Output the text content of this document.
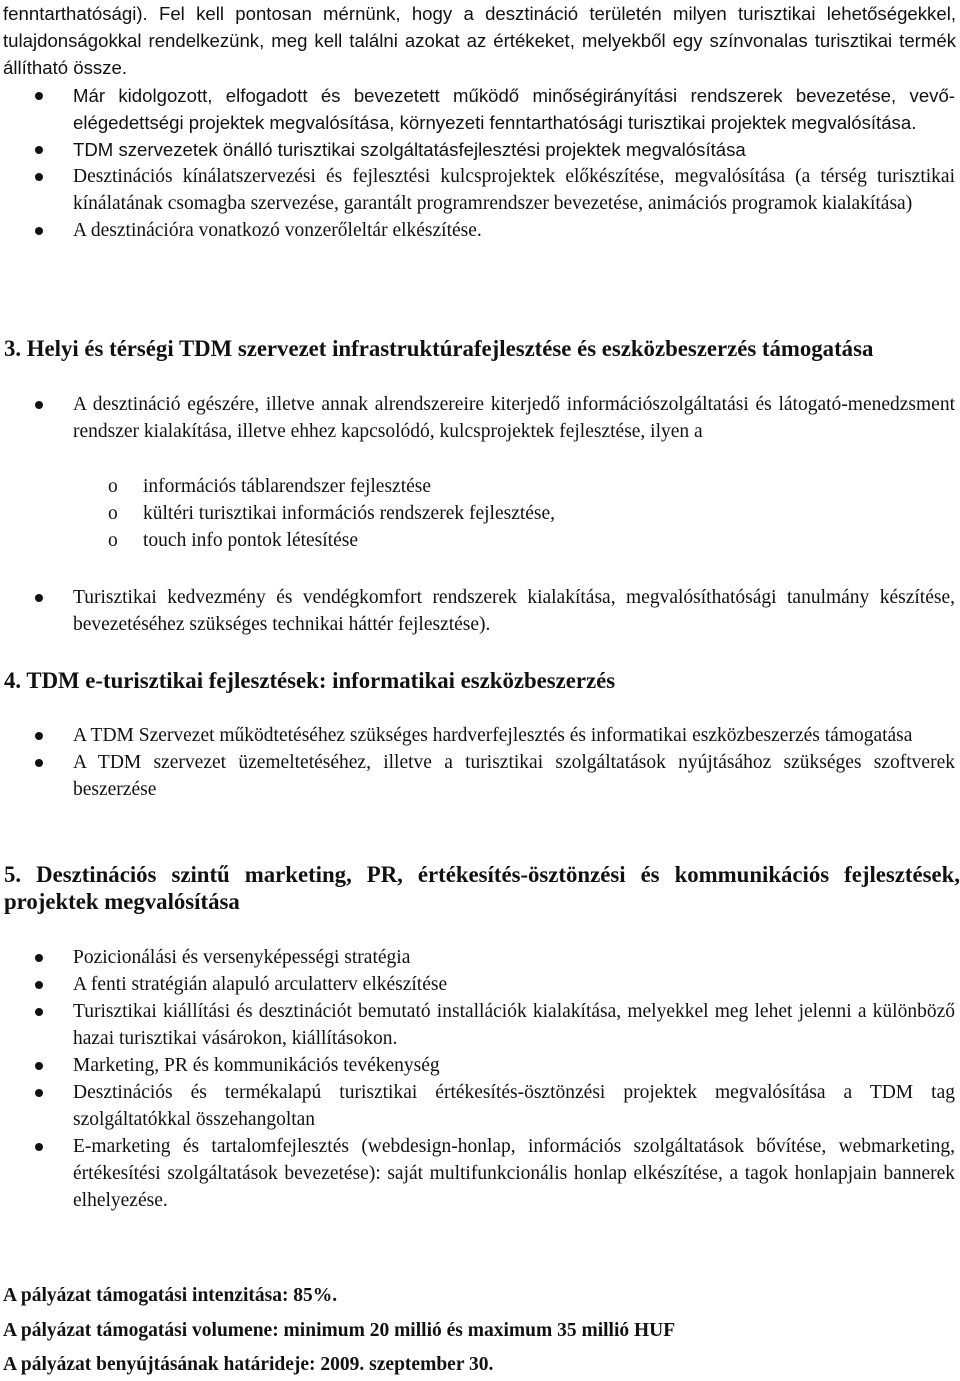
fenntarthatósági). Fel kell pontosan mérnünk, hogy a desztináció területén milyen turisztikai lehetőségekkel, tulajdonságokkal rendelkezünk, meg kell találni azokat az értékeket, melyekből egy színvonalas turisztikai termék állítható össze.

Már kidolgozott, elfogadott és bevezetett működő minőségirányítási rendszerek bevezetése, vevő-elégedettségi projektek megvalósítása, környezeti fenntarthatósági turisztikai projektek megvalósítása.
TDM szervezetek önálló turisztikai szolgáltatásfejlesztési projektek megvalósítása
Desztinációs kínálatszervezési és fejlesztési kulcsprojektek előkészítése, megvalósítása (a térség turisztikai kínálatának csomagba szervezése, garantált programrendszer bevezetése, animációs programok kialakítása)
A desztinációra vonatkozó vonzerőleltár elkészítése.
3. Helyi és térségi TDM szervezet infrastruktúrafejlesztése és eszközbeszerzés támogatása
A desztináció egészére, illetve annak alrendszereire kiterjedő információszolgáltatási és látogató-menedzsment rendszer kialakítása, illetve ehhez kapcsolódó, kulcsprojektek fejlesztése, ilyen a
o információs táblarendszer fejlesztése
o kültéri turisztikai információs rendszerek fejlesztése,
o touch info pontok létesítése
Turisztikai kedvezmény és vendégkomfort rendszerek kialakítása, megvalósíthatósági tanulmány készítése, bevezetéséhez szükséges technikai háttér fejlesztése).
4. TDM e-turisztikai fejlesztések: informatikai eszközbeszerzés
A TDM Szervezet működtetéséhez szükséges hardverfejlesztés és informatikai eszközbeszerzés támogatása
A TDM szervezet üzemeltetéséhez, illetve a turisztikai szolgáltatások nyújtásához szükséges szoftverek beszerzése
5. Desztinációs szintű marketing, PR, értékesítés-ösztönzési és kommunikációs fejlesztések, projektek megvalósítása
Pozicionálási és versenyképességi stratégia
A fenti stratégián alapuló arculatterv elkészítése
Turisztikai kiállítási és desztinációt bemutató installációk kialakítása, melyekkel meg lehet jelenni a különböző hazai turisztikai vásárokon, kiállításokon.
Marketing, PR és kommunikációs tevékenység
Desztinációs és termékalapú turisztikai értékesítés-ösztönzési projektek megvalósítása a TDM tag szolgáltatókkal összehangoltan
E-marketing és tartalomfejlesztés (webdesign-honlap, információs szolgáltatások bővítése, webmarketing, értékesítési szolgáltatások bevezetése): saját multifunkcionális honlap elkészítése, a tagok honlapjain bannerek elhelyezése.

A pályázat támogatási intenzitása: 85%.

A pályázat támogatási volumene: minimum 20 millió és maximum 35 millió HUF

A pályázat benyújtásának határideje: 2009. szeptember 30.
